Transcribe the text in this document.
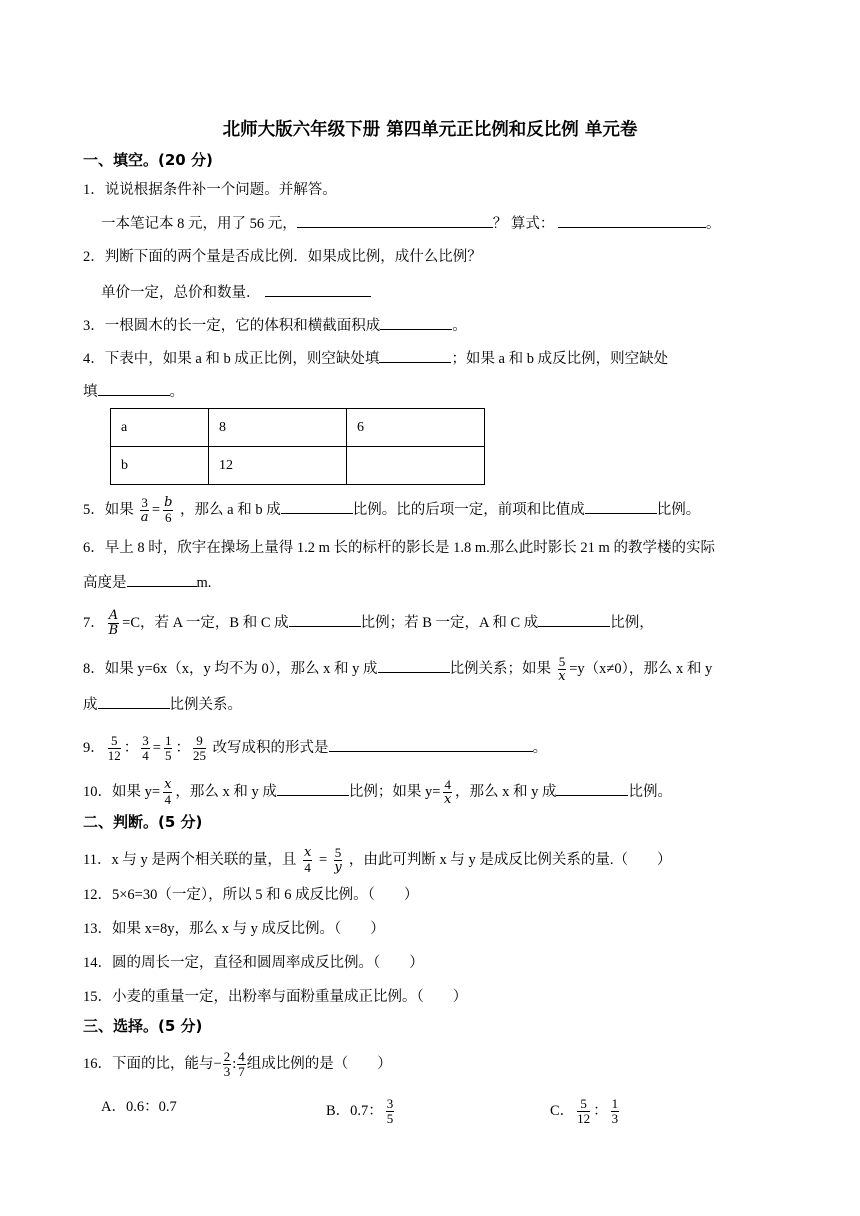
北师大版六年级下册 第四单元正比例和反比例 单元卷
一、填空。(20 分)
1．说说根据条件补一个问题。并解答。
一本笔记本 8 元，用了 56 元，	？ 算式：	。
2．判断下面的两个量是否成比例．如果成比例，成什么比例？
单价一定，总价和数量．
3．一根圆木的长一定，它的体积和横截面积成	。
4．下表中，如果 a 和 b 成正比例，则空缺处填	；如果 a 和 b 成反比例，则空缺处
填	。
a	8	6
b	12	
5．如果 $\frac{3}{a} = \frac{b}{6}$ ，那么 a 和 b 成	比例。比的后项一定，前项和比值成	比例。
6．早上 8 时，欣宇在操场上量得 1.2 m 长的标杆的影长是 1.8 m.那么此时影长 21 m 的教学楼的实际
高度是	m.
7． $\frac{A}{B} =C$，若 A 一定，B 和 C 成	比例；若 B 一定，A 和 C 成	比例，
8．如果 y=6x（x，y 均不为 0），那么 x 和 y 成	比例关系；如果 $\frac{5}{x} =y(x\ne 0)$，那么 x 和 y
成	比例关系。
9． $\frac{5}{12}$ ： $\frac{3}{4} = \frac{1}{5}$ ： $\frac{9}{25}$ 改写成积的形式是	。
10．如果 $y= \frac{x}{4}$ ，那么 x 和 y 成	比例；如果 $y= \frac{4}{x}$ ，那么 x 和 y 成	比例。
二、判断。(5 分)
11．x 与 y 是两个相关联的量，且 $\frac{x}{4} = \frac{5}{y}$ ，由此可判断 x 与 y 是成反比例关系的量.（　　）
12．5×6=30（一定），所以 5 和 6 成反比例。（　　）
13．如果 x=8y，那么 x 与 y 成反比例。（　　）
14．圆的周长一定，直径和圆周率成反比例。（　　）
15．小麦的重量一定，出粉率与面粉重量成正比例。（　　）
三、选择。(5 分)
16．下面的比，能与− $\frac{2}{3}$ : $\frac{4}{7}$ 组成比例的是（　　）
A．0.6：0.7	B．0.7： $\frac{3}{5}$	C． $\frac{5}{12}$ ： $\frac{1}{3}$
